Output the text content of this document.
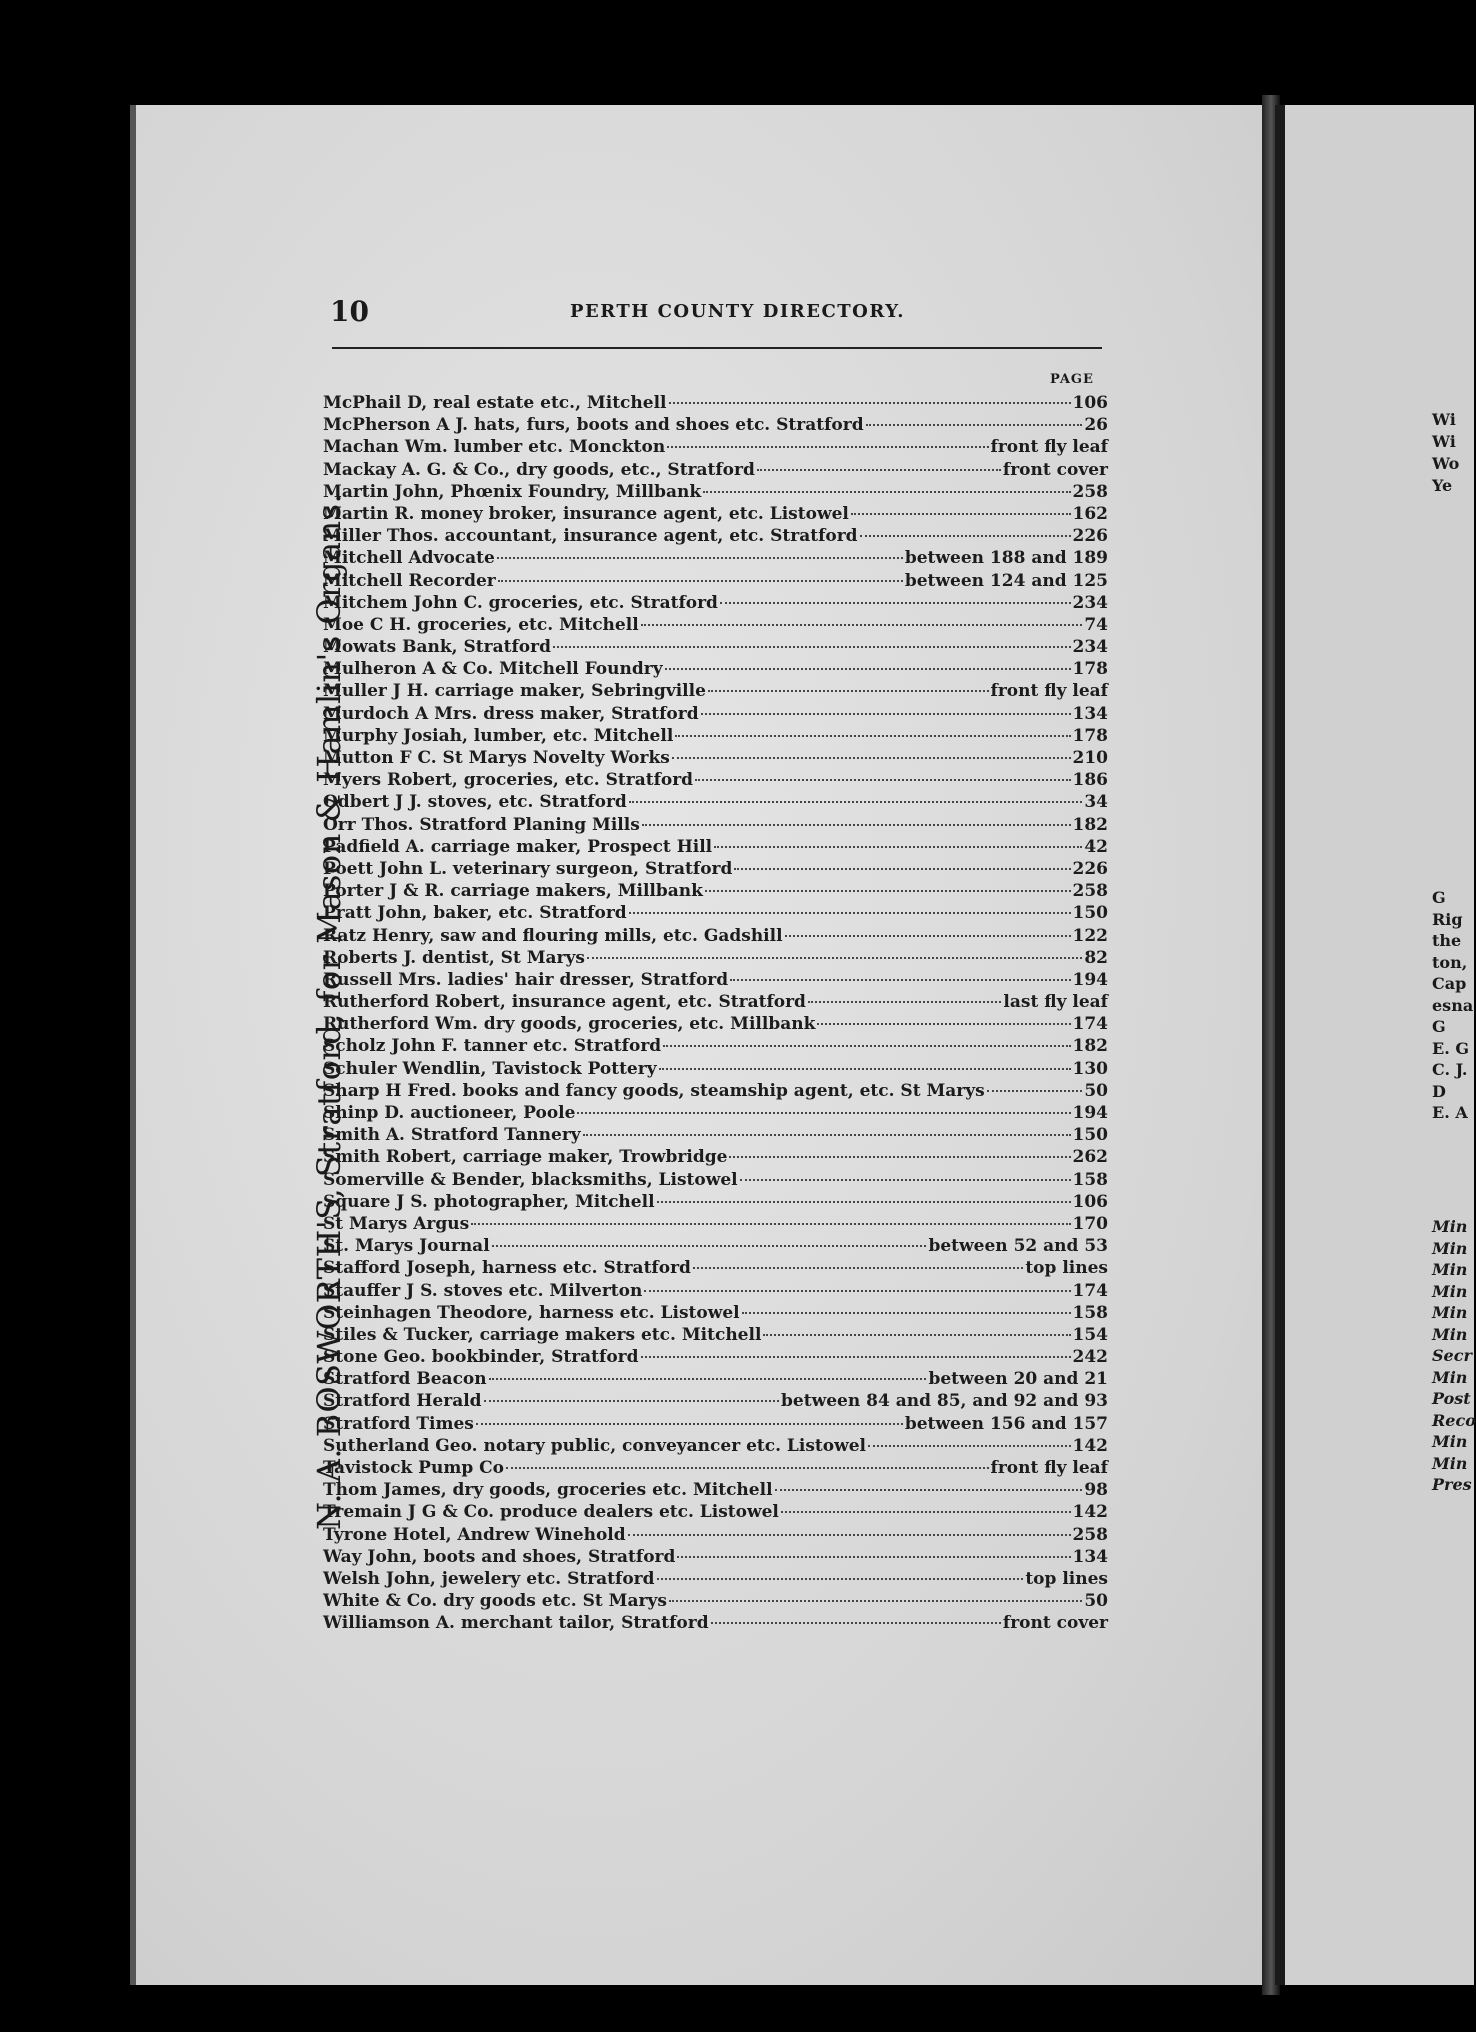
10	PERTH COUNTY DIRECTORY.
N. A. BOSWORTH'S, Stratford, for Mason & Hamlin's Organs.
PAGE
McPhail D, real estate etc., Mitchell	106
McPherson A J. hats, furs, boots and shoes etc. Stratford	26
Machan Wm. lumber etc. Monckton	front fly leaf
Mackay A. G. & Co., dry goods, etc., Stratford	front cover
Martin John, Phœnix Foundry, Millbank	258
Martin R. money broker, insurance agent, etc. Listowel	162
Miller Thos. accountant, insurance agent, etc. Stratford	226
Mitchell Advocate	between 188 and 189
Mitchell Recorder	between 124 and 125
Mitchem John C. groceries, etc. Stratford	234
Moe C H. groceries, etc. Mitchell	74
Mowats Bank, Stratford	234
Mulheron A & Co. Mitchell Foundry	178
Muller J H. carriage maker, Sebringville	front fly leaf
Murdoch A Mrs. dress maker, Stratford	134
Murphy Josiah, lumber, etc. Mitchell	178
Mutton F C. St Marys Novelty Works	210
Myers Robert, groceries, etc. Stratford	186
Odbert J J. stoves, etc. Stratford	34
Orr Thos. Stratford Planing Mills	182
Padfield A. carriage maker, Prospect Hill	42
Poett John L. veterinary surgeon, Stratford	226
Porter J & R. carriage makers, Millbank	258
Pratt John, baker, etc. Stratford	150
Ratz Henry, saw and flouring mills, etc. Gadshill	122
Roberts J. dentist, St Marys	82
Russell Mrs. ladies' hair dresser, Stratford	194
Rutherford Robert, insurance agent, etc. Stratford	last fly leaf
Rutherford Wm. dry goods, groceries, etc. Millbank	174
Scholz John F. tanner etc. Stratford	182
Schuler Wendlin, Tavistock Pottery	130
Sharp H Fred. books and fancy goods, steamship agent, etc. St Marys	50
Shinp D. auctioneer, Poole	194
Smith A. Stratford Tannery	150
Smith Robert, carriage maker, Trowbridge	262
Somerville & Bender, blacksmiths, Listowel	158
Square J S. photographer, Mitchell	106
St Marys Argus	170
St. Marys Journal	between 52 and 53
Stafford Joseph, harness etc. Stratford	top lines
Stauffer J S. stoves etc. Milverton	174
Steinhagen Theodore, harness etc. Listowel	158
Stiles & Tucker, carriage makers etc. Mitchell	154
Stone Geo. bookbinder, Stratford	242
Stratford Beacon	between 20 and 21
Stratford Herald	between 84 and 85, and 92 and 93
Stratford Times	between 156 and 157
Sutherland Geo. notary public, conveyancer etc. Listowel	142
Tavistock Pump Co	front fly leaf
Thom James, dry goods, groceries etc. Mitchell	98
Tremain J G & Co. produce dealers etc. Listowel	142
Tyrone Hotel, Andrew Winehold	258
Way John, boots and shoes, Stratford	134
Welsh John, jewelery etc. Stratford	top lines
White & Co. dry goods etc. St Marys	50
Williamson A. merchant tailor, Stratford	front cover
Wi
Wi
Wo
Ye
G
Rig
the
ton,
Cap
esna
G
E. G
C. J.
D
E. A
Min
Min
Min
Min
Min
Min
Secr
Min
Post
Reco
Min
Min
Pres
